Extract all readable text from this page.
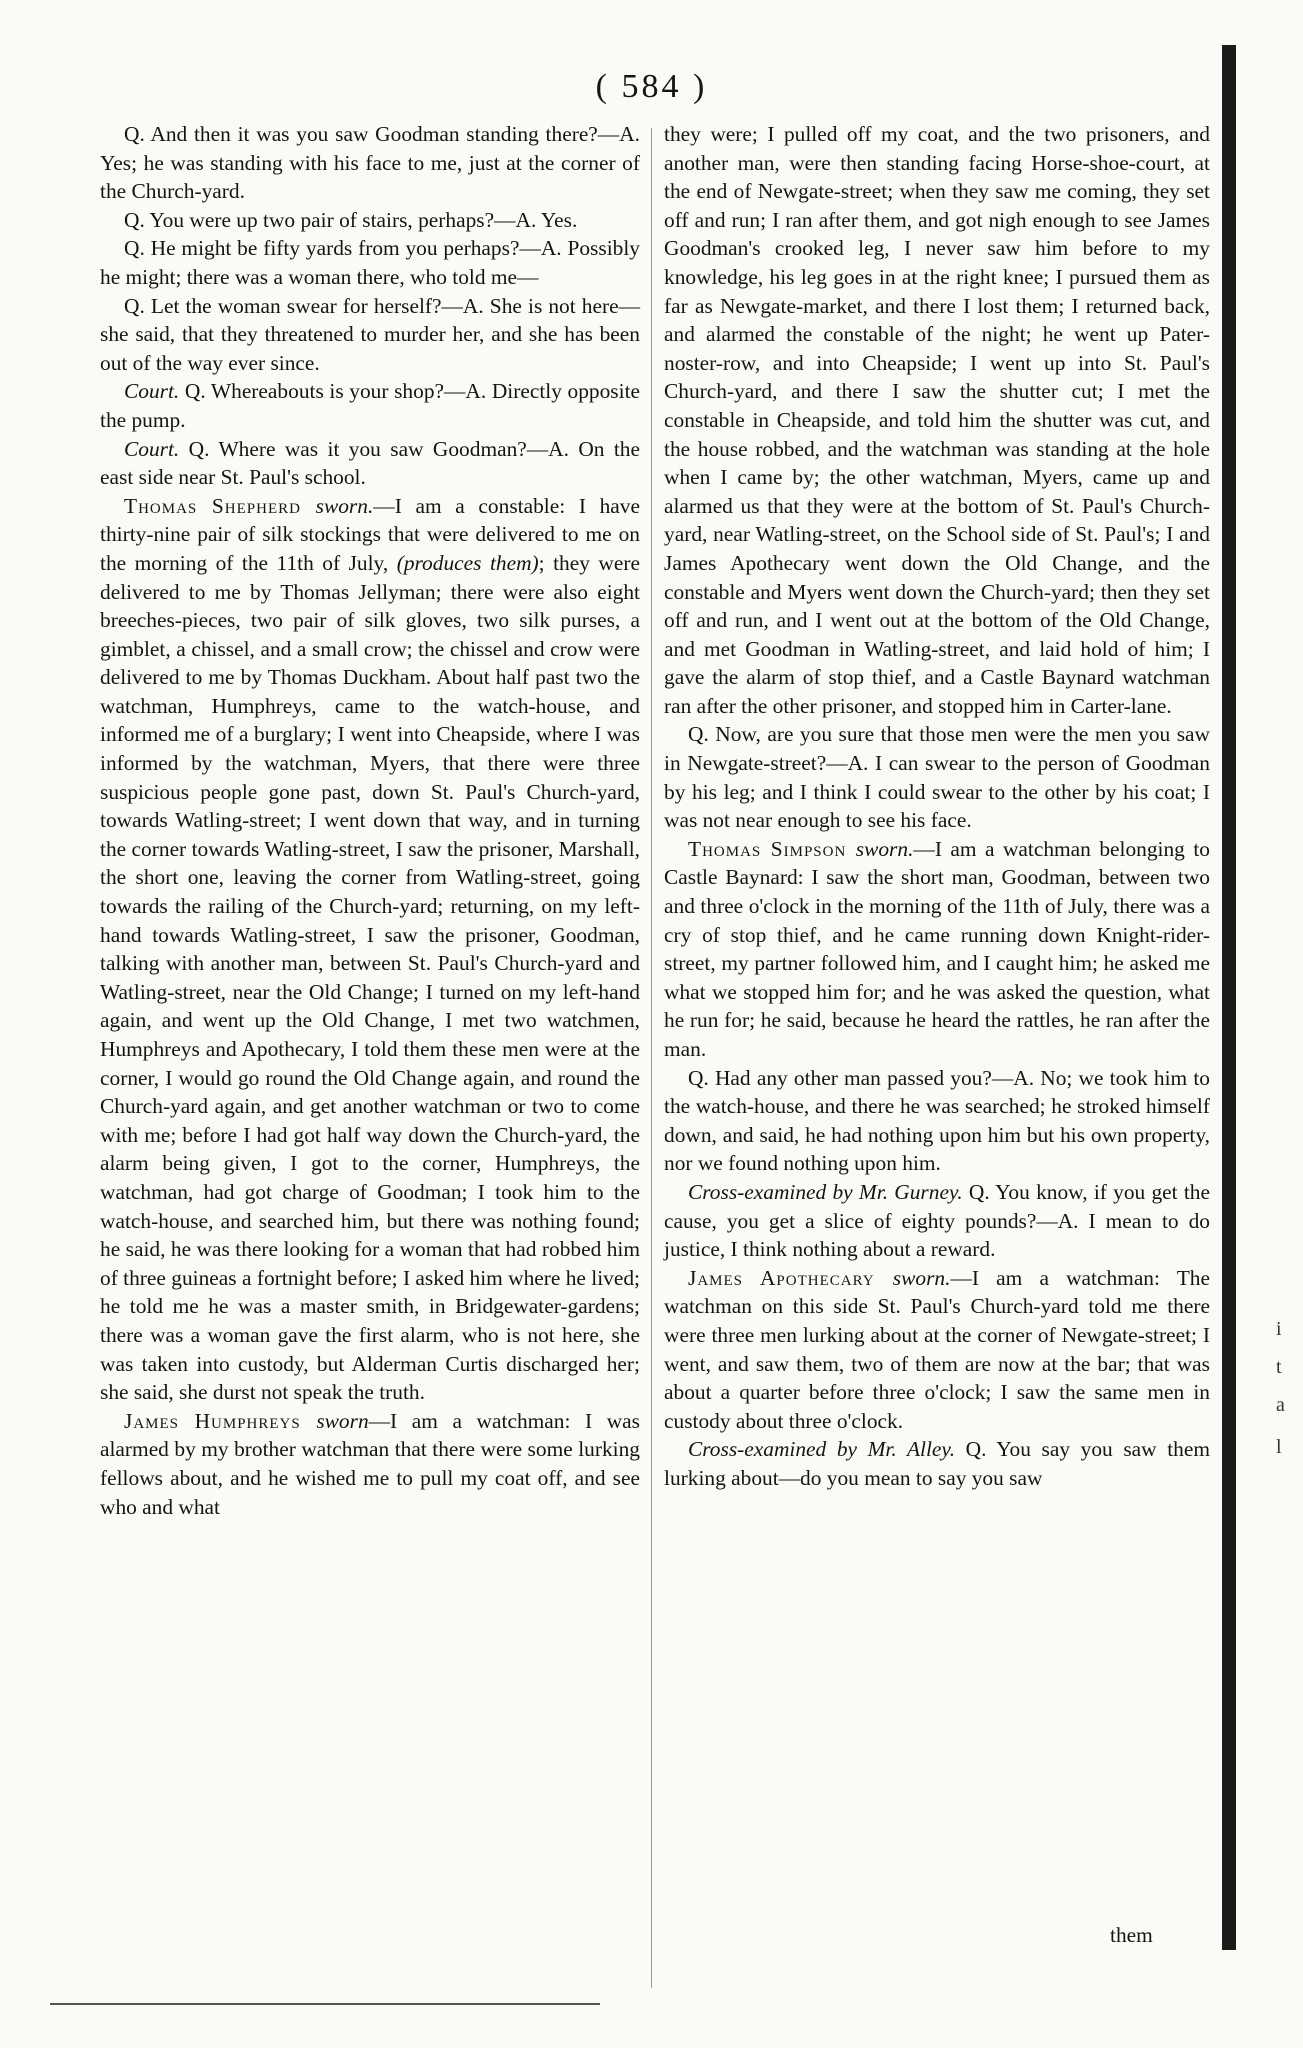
( 584 )

Q. And then it was you saw Goodman standing there?—A. Yes; he was standing with his face to me, just at the corner of the Church-yard.

Q. You were up two pair of stairs, perhaps?—A. Yes.

Q. He might be fifty yards from you perhaps?—A. Possibly he might; there was a woman there, who told me—

Q. Let the woman swear for herself?—A. She is not here—she said, that they threatened to murder her, and she has been out of the way ever since.

Court. Q. Whereabouts is your shop?—A. Directly opposite the pump.

Court. Q. Where was it you saw Goodman?—A. On the east side near St. Paul's school.

Thomas Shepherd sworn.—I am a constable: I have thirty-nine pair of silk stockings that were delivered to me on the morning of the 11th of July, (produces them); they were delivered to me by Thomas Jellyman; there were also eight breeches-pieces, two pair of silk gloves, two silk purses, a gimblet, a chissel, and a small crow; the chissel and crow were delivered to me by Thomas Duckham. About half past two the watchman, Humphreys, came to the watch-house, and informed me of a burglary; I went into Cheapside, where I was informed by the watchman, Myers, that there were three suspicious people gone past, down St. Paul's Church-yard, towards Watling-street; I went down that way, and in turning the corner towards Watling-street, I saw the prisoner, Marshall, the short one, leaving the corner from Watling-street, going towards the railing of the Church-yard; returning, on my left-hand towards Watling-street, I saw the prisoner, Goodman, talking with another man, between St. Paul's Church-yard and Watling-street, near the Old Change; I turned on my left-hand again, and went up the Old Change, I met two watchmen, Humphreys and Apothecary, I told them these men were at the corner, I would go round the Old Change again, and round the Church-yard again, and get another watchman or two to come with me; before I had got half way down the Church-yard, the alarm being given, I got to the corner, Humphreys, the watchman, had got charge of Goodman; I took him to the watch-house, and searched him, but there was nothing found; he said, he was there looking for a woman that had robbed him of three guineas a fortnight before; I asked him where he lived; he told me he was a master smith, in Bridgewater-gardens; there was a woman gave the first alarm, who is not here, she was taken into custody, but Alderman Curtis discharged her; she said, she durst not speak the truth.

James Humphreys sworn—I am a watchman: I was alarmed by my brother watchman that there were some lurking fellows about, and he wished me to pull my coat off, and see who and what

they were; I pulled off my coat, and the two prisoners, and another man, were then standing facing Horse-shoe-court, at the end of Newgate-street; when they saw me coming, they set off and run; I ran after them, and got nigh enough to see James Goodman's crooked leg, I never saw him before to my knowledge, his leg goes in at the right knee; I pursued them as far as Newgate-market, and there I lost them; I returned back, and alarmed the constable of the night; he went up Pater-noster-row, and into Cheapside; I went up into St. Paul's Church-yard, and there I saw the shutter cut; I met the constable in Cheapside, and told him the shutter was cut, and the house robbed, and the watchman was standing at the hole when I came by; the other watchman, Myers, came up and alarmed us that they were at the bottom of St. Paul's Church-yard, near Watling-street, on the School side of St. Paul's; I and James Apothecary went down the Old Change, and the constable and Myers went down the Church-yard; then they set off and run, and I went out at the bottom of the Old Change, and met Goodman in Watling-street, and laid hold of him; I gave the alarm of stop thief, and a Castle Baynard watchman ran after the other prisoner, and stopped him in Carter-lane.

Q. Now, are you sure that those men were the men you saw in Newgate-street?—A. I can swear to the person of Goodman by his leg; and I think I could swear to the other by his coat; I was not near enough to see his face.

Thomas Simpson sworn.—I am a watchman belonging to Castle Baynard: I saw the short man, Goodman, between two and three o'clock in the morning of the 11th of July, there was a cry of stop thief, and he came running down Knight-rider-street, my partner followed him, and I caught him; he asked me what we stopped him for; and he was asked the question, what he run for; he said, because he heard the rattles, he ran after the man.

Q. Had any other man passed you?—A. No; we took him to the watch-house, and there he was searched; he stroked himself down, and said, he had nothing upon him but his own property, nor we found nothing upon him.

Cross-examined by Mr. Gurney. Q. You know, if you get the cause, you get a slice of eighty pounds?—A. I mean to do justice, I think nothing about a reward.

James Apothecary sworn.—I am a watchman: The watchman on this side St. Paul's Church-yard told me there were three men lurking about at the corner of Newgate-street; I went, and saw them, two of them are now at the bar; that was about a quarter before three o'clock; I saw the same men in custody about three o'clock.

Cross-examined by Mr. Alley. Q. You say you saw them lurking about—do you mean to say you saw

them
i
t
a
l
